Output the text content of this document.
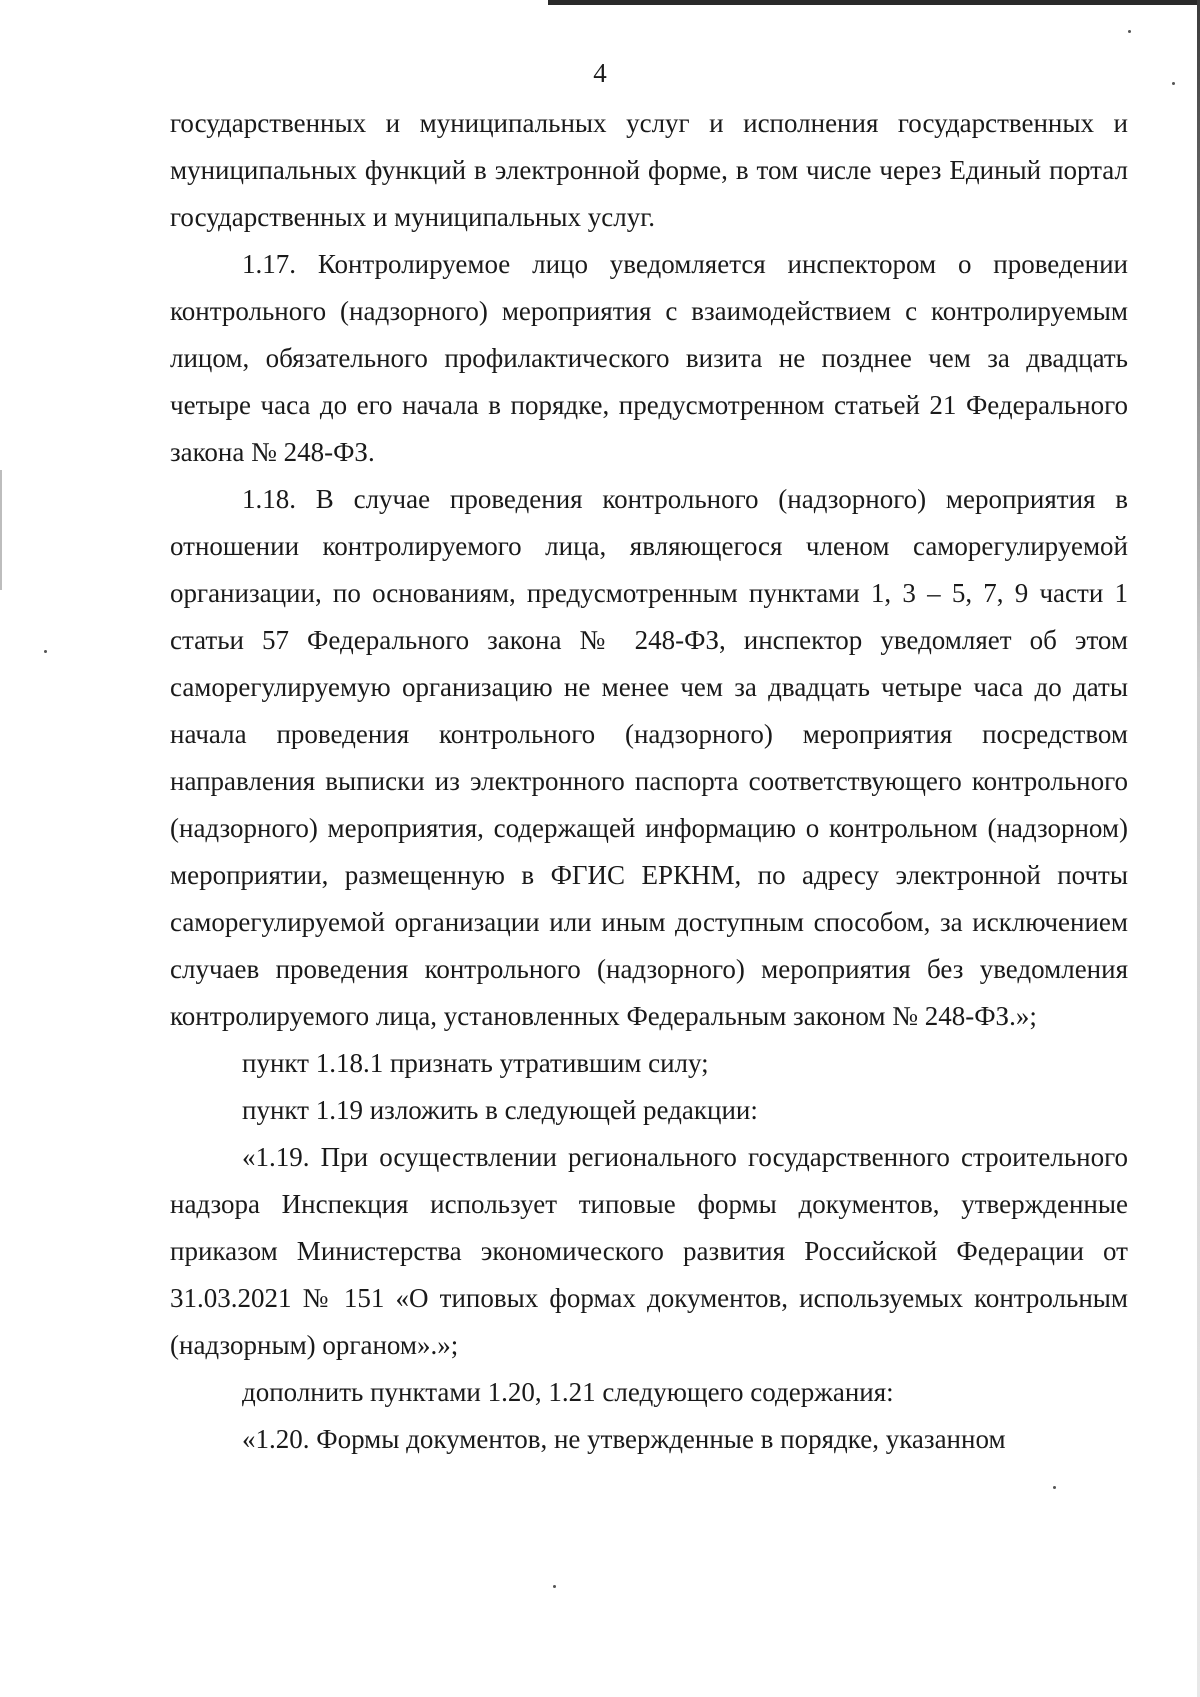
4

государственных и муниципальных услуг и исполнения государственных и муниципальных функций в электронной форме, в том числе через Единый портал государственных и муниципальных услуг.

1.17. Контролируемое лицо уведомляется инспектором о проведении контрольного (надзорного) мероприятия с взаимодействием с контролируемым лицом, обязательного профилактического визита не позднее чем за двадцать четыре часа до его начала в порядке, предусмотренном статьей 21 Федерального закона № 248-ФЗ.

1.18. В случае проведения контрольного (надзорного) мероприятия в отношении контролируемого лица, являющегося членом саморегулируемой организации, по основаниям, предусмотренным пунктами 1, 3 – 5, 7, 9 части 1 статьи 57 Федерального закона № 248-ФЗ, инспектор уведомляет об этом саморегулируемую организацию не менее чем за двадцать четыре часа до даты начала проведения контрольного (надзорного) мероприятия посредством направления выписки из электронного паспорта соответствующего контрольного (надзорного) мероприятия, содержащей информацию о контрольном (надзорном) мероприятии, размещенную в ФГИС ЕРКНМ, по адресу электронной почты саморегулируемой организации или иным доступным способом, за исключением случаев проведения контрольного (надзорного) мероприятия без уведомления контролируемого лица, установленных Федеральным законом № 248-ФЗ.»;

пункт 1.18.1 признать утратившим силу;

пункт 1.19 изложить в следующей редакции:

«1.19. При осуществлении регионального государственного строительного надзора Инспекция использует типовые формы документов, утвержденные приказом Министерства экономического развития Российской Федерации от 31.03.2021 № 151 «О типовых формах документов, используемых контрольным (надзорным) органом».»;

дополнить пунктами 1.20, 1.21 следующего содержания:

«1.20. Формы документов, не утвержденные в порядке, указанном
